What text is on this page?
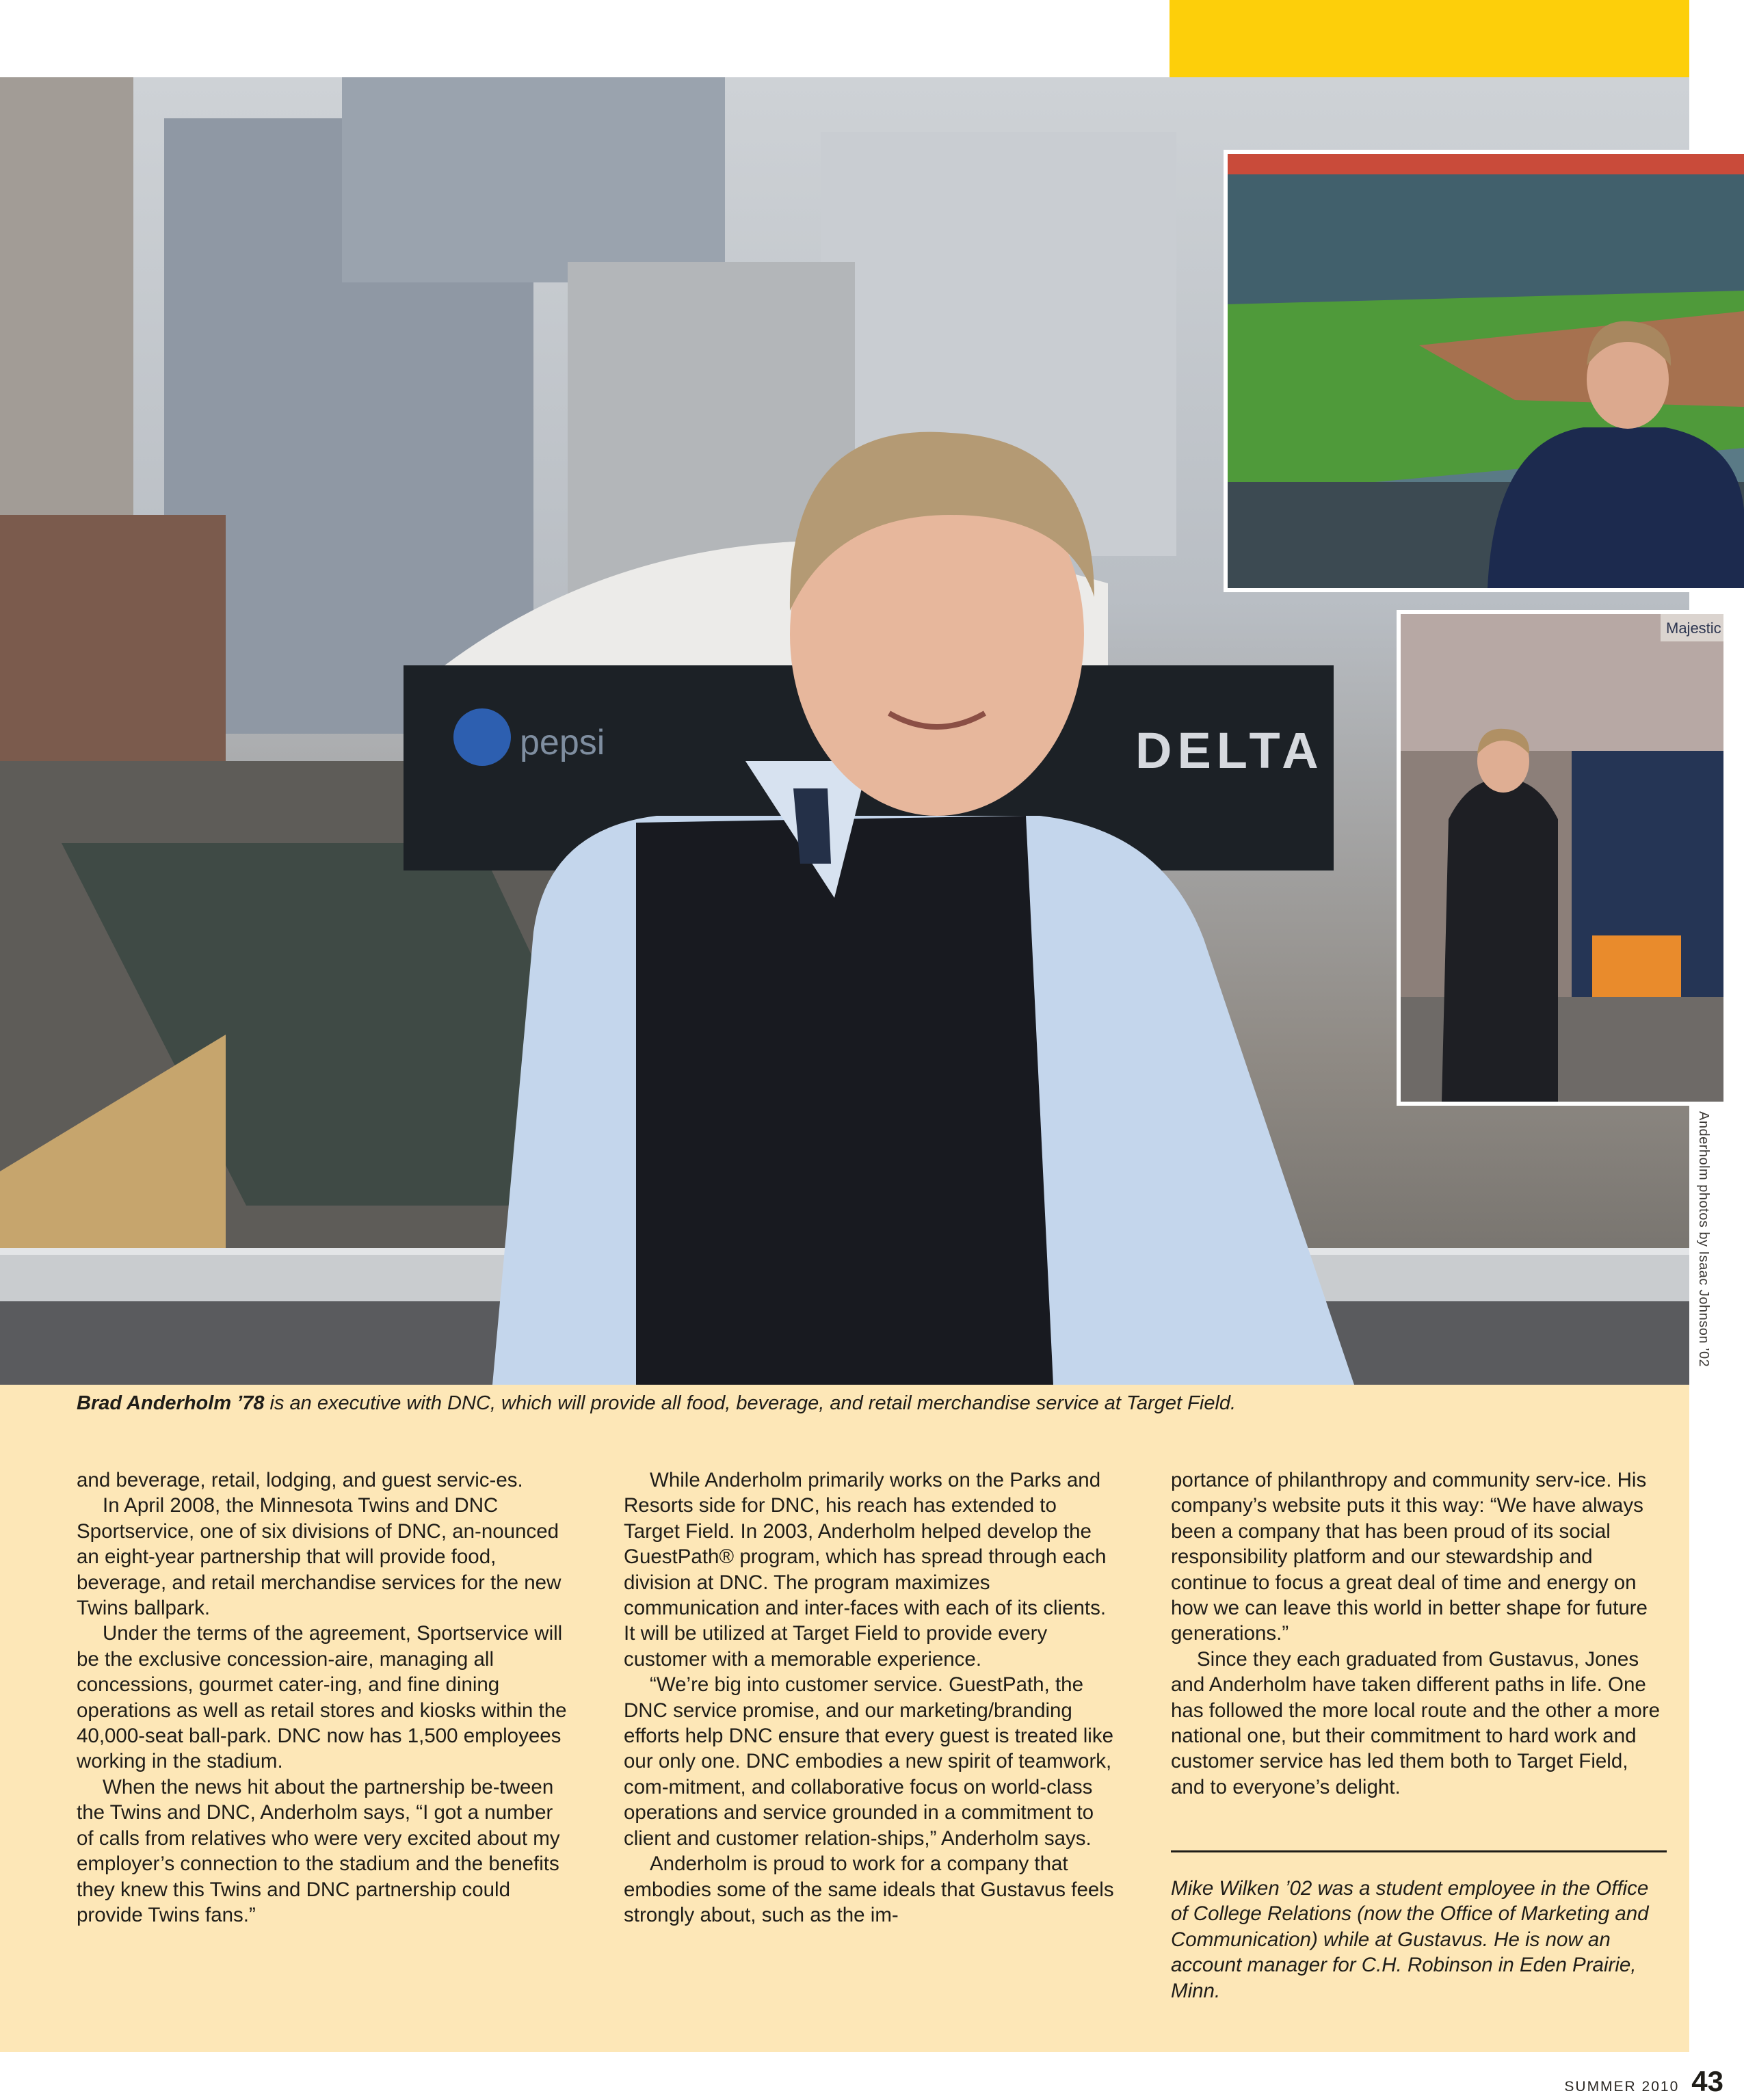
pepsi	DELTA
Majestic
Anderholm photos by Isaac Johnson ’02
Brad Anderholm ’78 is an executive with DNC, which will provide all food, beverage, and retail merchandise service at Target Field.

and beverage, retail, lodging, and guest servic-es.

In April 2008, the Minnesota Twins and DNC Sportservice, one of six divisions of DNC, an-nounced an eight-year partnership that will provide food, beverage, and retail merchandise services for the new Twins ballpark.

Under the terms of the agreement, Sportservice will be the exclusive concession-aire, managing all concessions, gourmet cater-ing, and fine dining operations as well as retail stores and kiosks within the 40,000-seat ball-park. DNC now has 1,500 employees working in the stadium.

When the news hit about the partnership be-tween the Twins and DNC, Anderholm says, “I got a number of calls from relatives who were very excited about my employer’s connection to the stadium and the benefits they knew this Twins and DNC partnership could provide Twins fans.”

While Anderholm primarily works on the Parks and Resorts side for DNC, his reach has extended to Target Field. In 2003, Anderholm helped develop the GuestPath® program, which has spread through each division at DNC. The program maximizes communication and inter-faces with each of its clients. It will be utilized at Target Field to provide every customer with a memorable experience.

“We’re big into customer service. GuestPath, the DNC service promise, and our marketing/branding efforts help DNC ensure that every guest is treated like our only one. DNC embodies a new spirit of teamwork, com-mitment, and collaborative focus on world-class operations and service grounded in a commitment to client and customer relation-ships,” Anderholm says.

Anderholm is proud to work for a company that embodies some of the same ideals that Gustavus feels strongly about, such as the im-

portance of philanthropy and community serv-ice. His company’s website puts it this way: “We have always been a company that has been proud of its social responsibility platform and our stewardship and continue to focus a great deal of time and energy on how we can leave this world in better shape for future generations.”

Since they each graduated from Gustavus, Jones and Anderholm have taken different paths in life. One has followed the more local route and the other a more national one, but their commitment to hard work and customer service has led them both to Target Field, and to everyone’s delight.

Mike Wilken ’02 was a student employee in the Office of College Relations (now the Office of Marketing and Communication) while at Gustavus. He is now an account manager for C.H. Robinson in Eden Prairie, Minn.
SUMMER 2010 43
